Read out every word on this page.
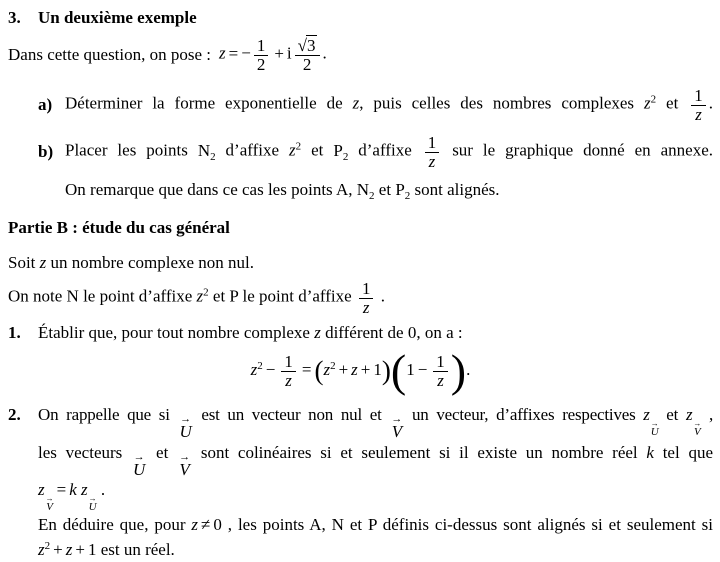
3.	Un deuxième exemple
Dans cette question, on pose : z = − $\frac{1}{2} + i \frac{√3}{2}$ .
a) Déterminer la forme exponentielle de z, puis celles des nombres complexes $z^2$ et $\frac{1}{z}$ .
b) Placer les points $N_2$ d’affixe $z^2$ et $P_2$ d’affixe $\frac{1}{z}$ sur le graphique donné en annexe.
On remarque que dans ce cas les points A, $N_2$ et $P_2$ sont alignés.
Partie B : étude du cas général
Soit z un nombre complexe non nul.
On note N le point d’affixe $z^2$ et P le point d’affixe $\frac{1}{z}$ .
1.	Établir que, pour tout nombre complexe z différent de 0, on a :
$z^2 - \frac{1}{z} = (z^2 + z + 1)(1 - \frac{1}{z}$ ).
2.	On rappelle que si →
U
est un vecteur non nul et →
V
un vecteur, d’affixes respectives z →
U
et z →
V
,
les vecteurs →
U
et →
V
sont colinéaires si et seulement si il existe un nombre réel k tel que
z →
V
= k z →
U
.
En déduire que, pour z ≠ 0 , les points A, N et P définis ci-dessus sont alignés si et seulement si
$z^2 + z + 1$ est un réel.
